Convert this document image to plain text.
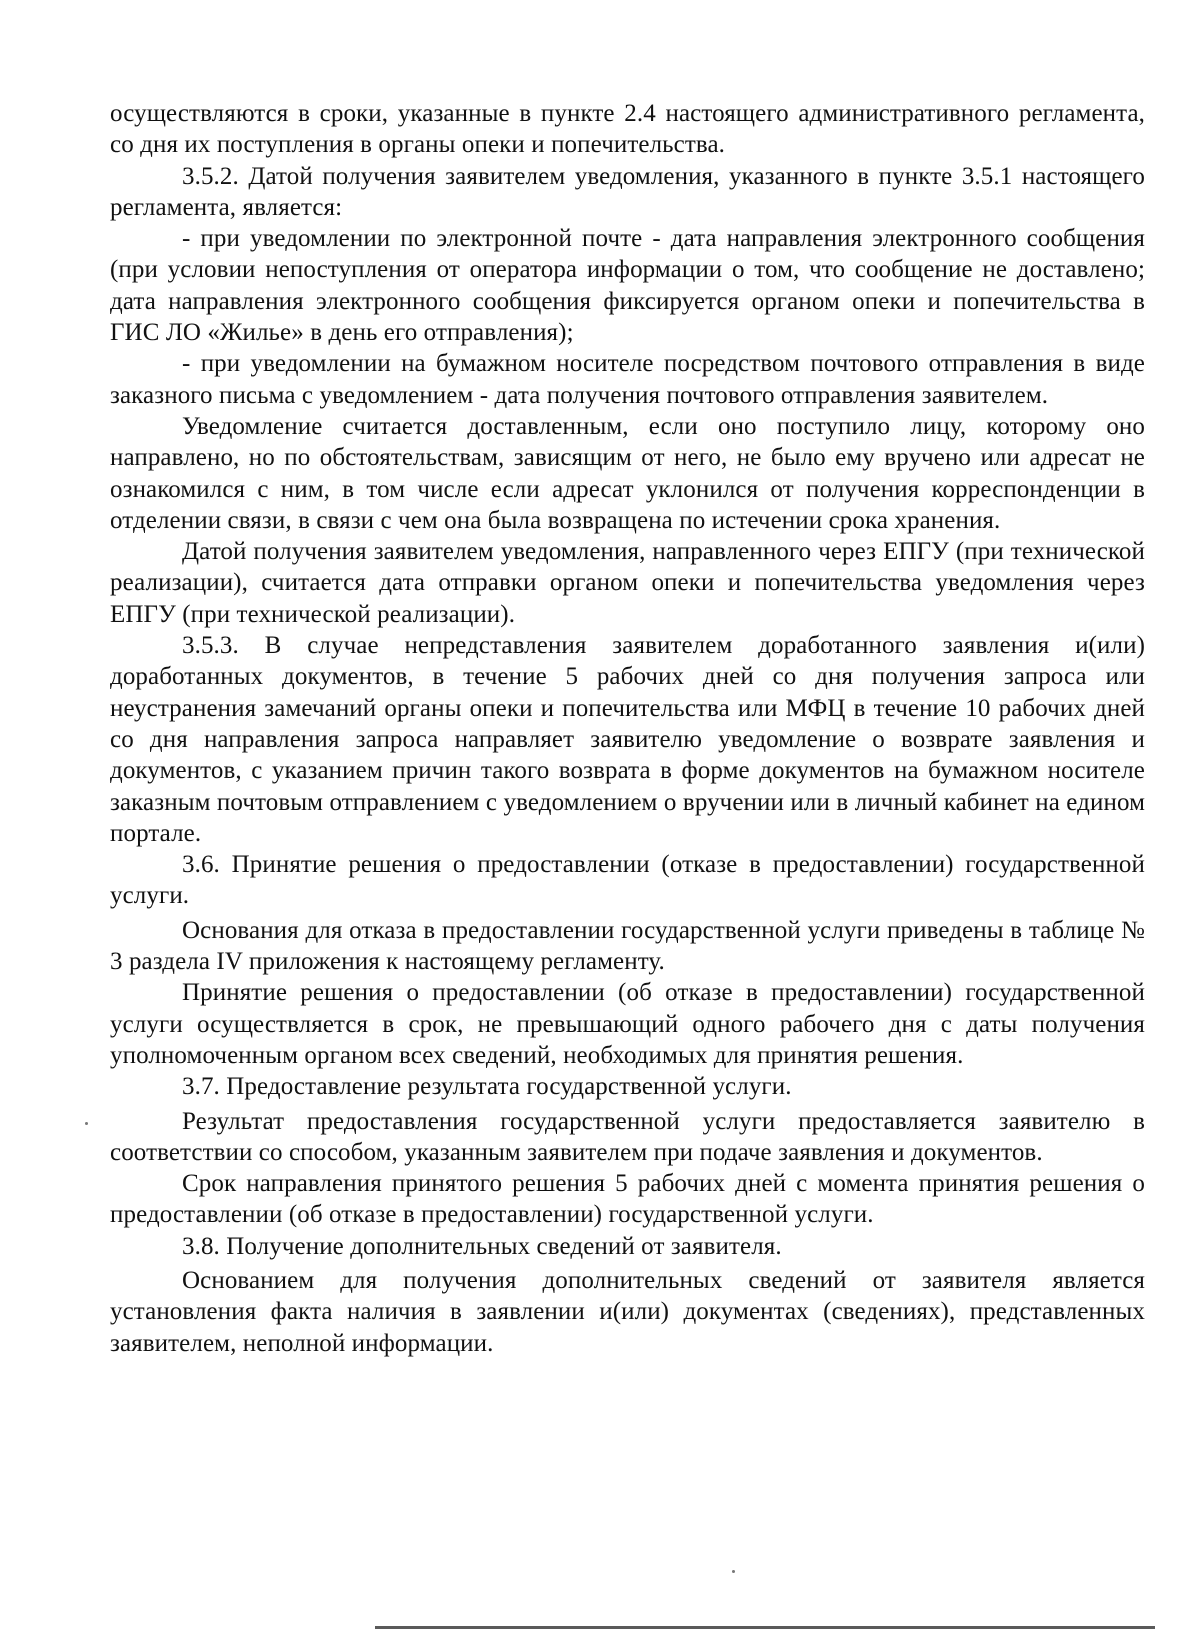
осуществляются в сроки, указанные в пункте 2.4 настоящего административного регламента, со дня их поступления в органы опеки и попечительства.

3.5.2. Датой получения заявителем уведомления, указанного в пункте 3.5.1 настоящего регламента, является:

- при уведомлении по электронной почте - дата направления электронного сообщения (при условии непоступления от оператора информации о том, что сообщение не доставлено; дата направления электронного сообщения фиксируется органом опеки и попечительства в ГИС ЛО «Жилье» в день его отправления);

- при уведомлении на бумажном носителе посредством почтового отправления в виде заказного письма с уведомлением - дата получения почтового отправления заявителем.

Уведомление считается доставленным, если оно поступило лицу, которому оно направлено, но по обстоятельствам, зависящим от него, не было ему вручено или адресат не ознакомился с ним, в том числе если адресат уклонился от получения корреспонденции в отделении связи, в связи с чем она была возвращена по истечении срока хранения.

Датой получения заявителем уведомления, направленного через ЕПГУ (при технической реализации), считается дата отправки органом опеки и попечительства уведомления через ЕПГУ (при технической реализации).

3.5.3. В случае непредставления заявителем доработанного заявления и(или) доработанных документов, в течение 5 рабочих дней со дня получения запроса или неустранения замечаний органы опеки и попечительства или МФЦ в течение 10 рабочих дней со дня направления запроса направляет заявителю уведомление о возврате заявления и документов, с указанием причин такого возврата в форме документов на бумажном носителе заказным почтовым отправлением с уведомлением о вручении или в личный кабинет на едином портале.

3.6. Принятие решения о предоставлении (отказе в предоставлении) государственной услуги.

Основания для отказа в предоставлении государственной услуги приведены в таблице № 3 раздела IV приложения к настоящему регламенту.

Принятие решения о предоставлении (об отказе в предоставлении) государственной услуги осуществляется в срок, не превышающий одного рабочего дня с даты получения уполномоченным органом всех сведений, необходимых для принятия решения.

3.7. Предоставление результата государственной услуги.

Результат предоставления государственной услуги предоставляется заявителю в соответствии со способом, указанным заявителем при подаче заявления и документов.

Срок направления принятого решения 5 рабочих дней с момента принятия решения о предоставлении (об отказе в предоставлении) государственной услуги.

3.8. Получение дополнительных сведений от заявителя.

Основанием для получения дополнительных сведений от заявителя является установления факта наличия в заявлении и(или) документах (сведениях), представленных заявителем, неполной информации.
